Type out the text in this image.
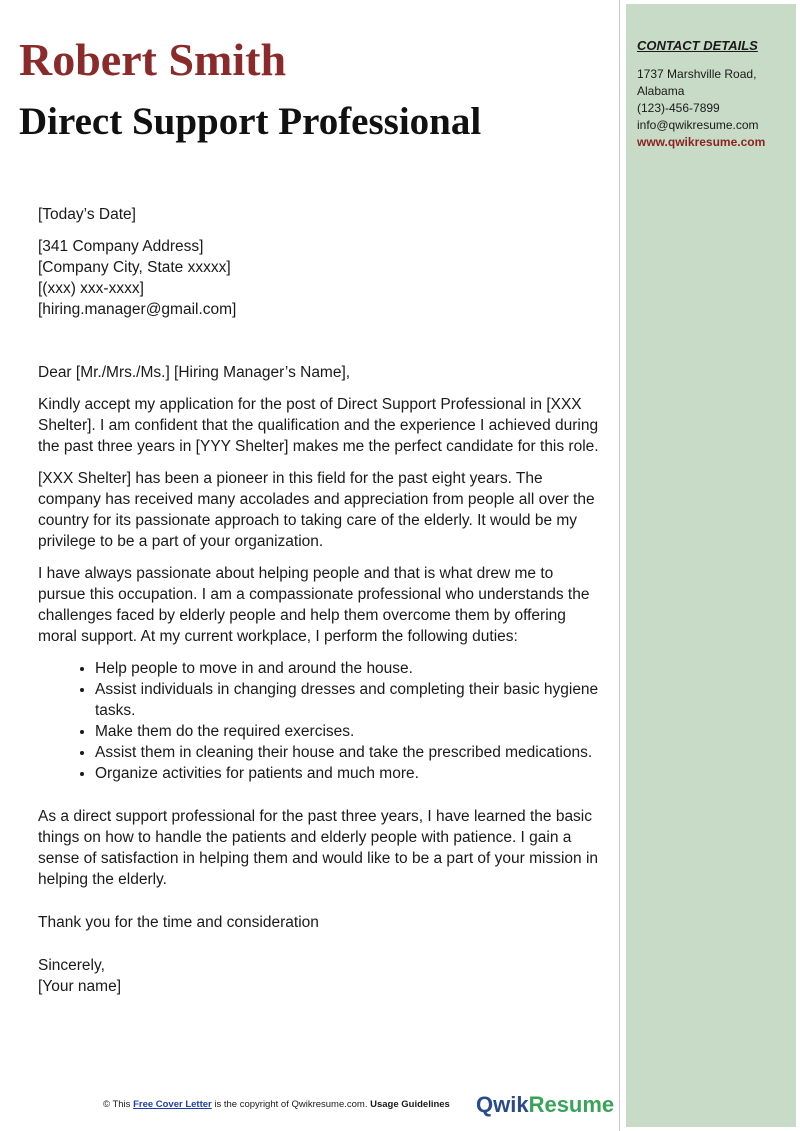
CONTACT DETAILS
1737 Marshville Road,
Alabama
(123)-456-7899
info@qwikresume.com
www.qwikresume.com
Robert Smith
Direct Support Professional

[Today’s Date]

[341 Company Address]

[Company City, State xxxxx]

[(xxx) xxx-xxxx]

[hiring.manager@gmail.com]

Dear [Mr./Mrs./Ms.] [Hiring Manager’s Name],

Kindly accept my application for the post of Direct Support Professional in [XXX Shelter]. I am confident that the qualification and the experience I achieved during the past three years in [YYY Shelter] makes me the perfect candidate for this role.

[XXX Shelter] has been a pioneer in this field for the past eight years. The company has received many accolades and appreciation from people all over the country for its passionate approach to taking care of the elderly. It would be my privilege to be a part of your organization.

I have always passionate about helping people and that is what drew me to pursue this occupation. I am a compassionate professional who understands the challenges faced by elderly people and help them overcome them by offering moral support. At my current workplace, I perform the following duties:

• Help people to move in and around the house.
• Assist individuals in changing dresses and completing their basic hygiene tasks.
• Make them do the required exercises.
• Assist them in cleaning their house and take the prescribed medications.
• Organize activities for patients and much more.

As a direct support professional for the past three years, I have learned the basic things on how to handle the patients and elderly people with patience. I gain a sense of satisfaction in helping them and would like to be a part of your mission in helping the elderly.

Thank you for the time and consideration

Sincerely,

[Your name]

© This Free Cover Letter is the copyright of Qwikresume.com. Usage Guidelines QwikResume
